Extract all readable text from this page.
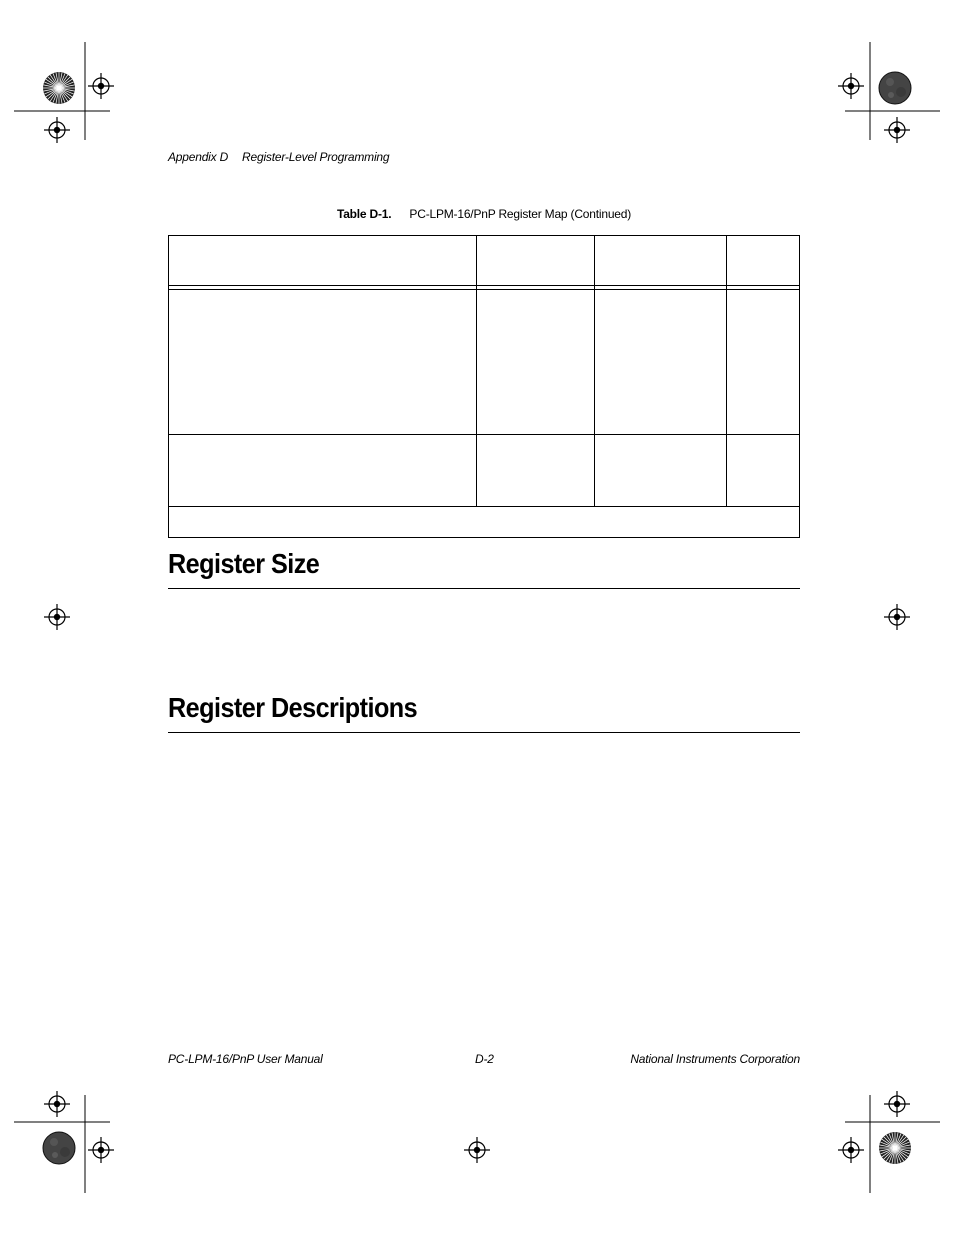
Appendix D Register-Level Programming
Table D-1. PC-LPM-16/PnP Register Map (Continued)
Register Size
Register Descriptions
PC-LPM-16/PnP User Manual	D-2	National Instruments Corporation
